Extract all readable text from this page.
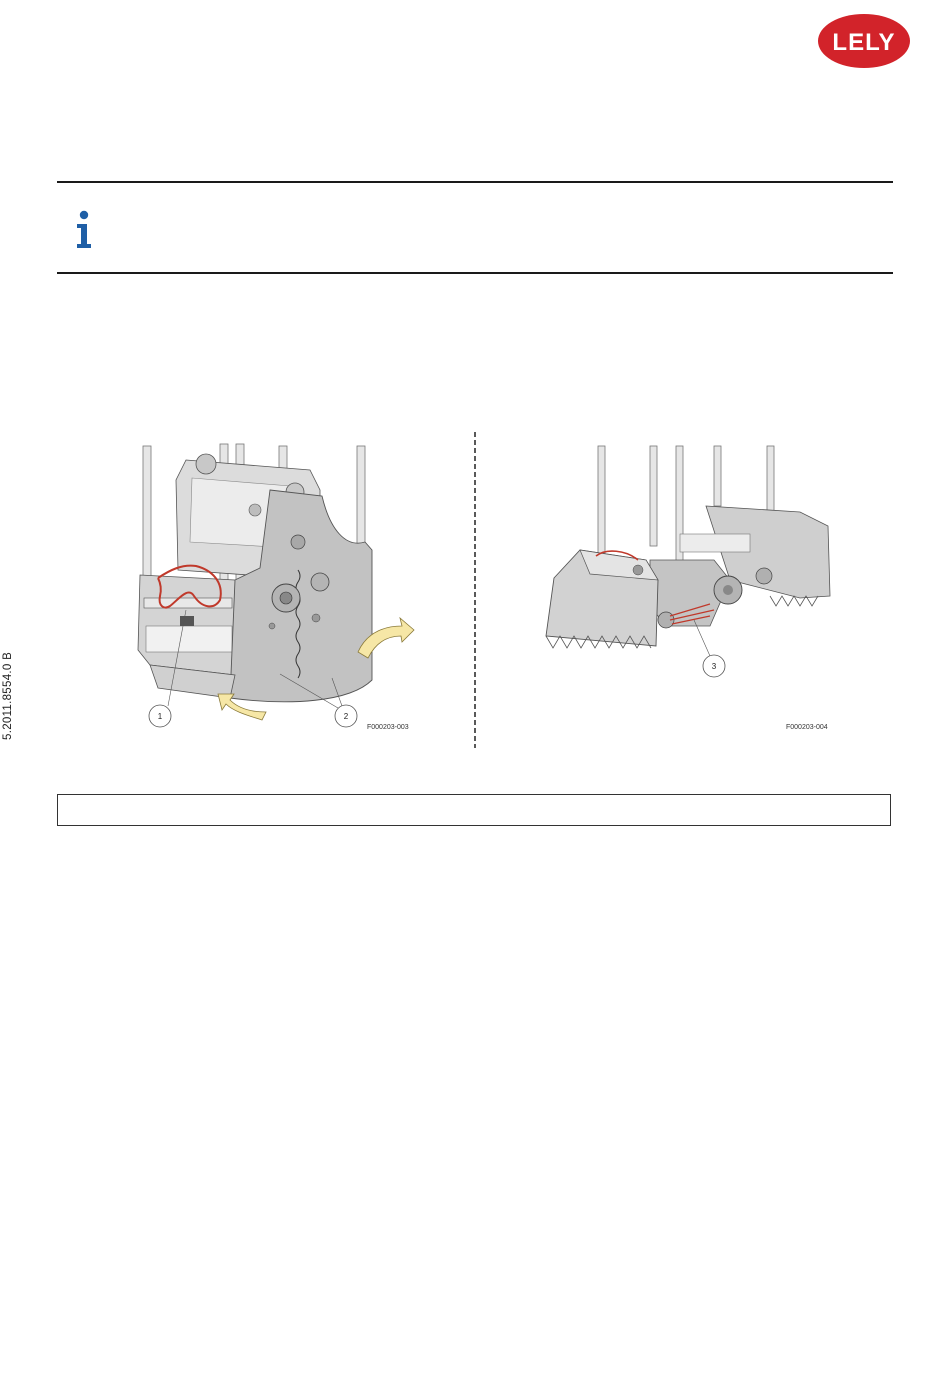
LELY
5.2011.8554.0 B	1	2
F000203-003
3
F000203-004
